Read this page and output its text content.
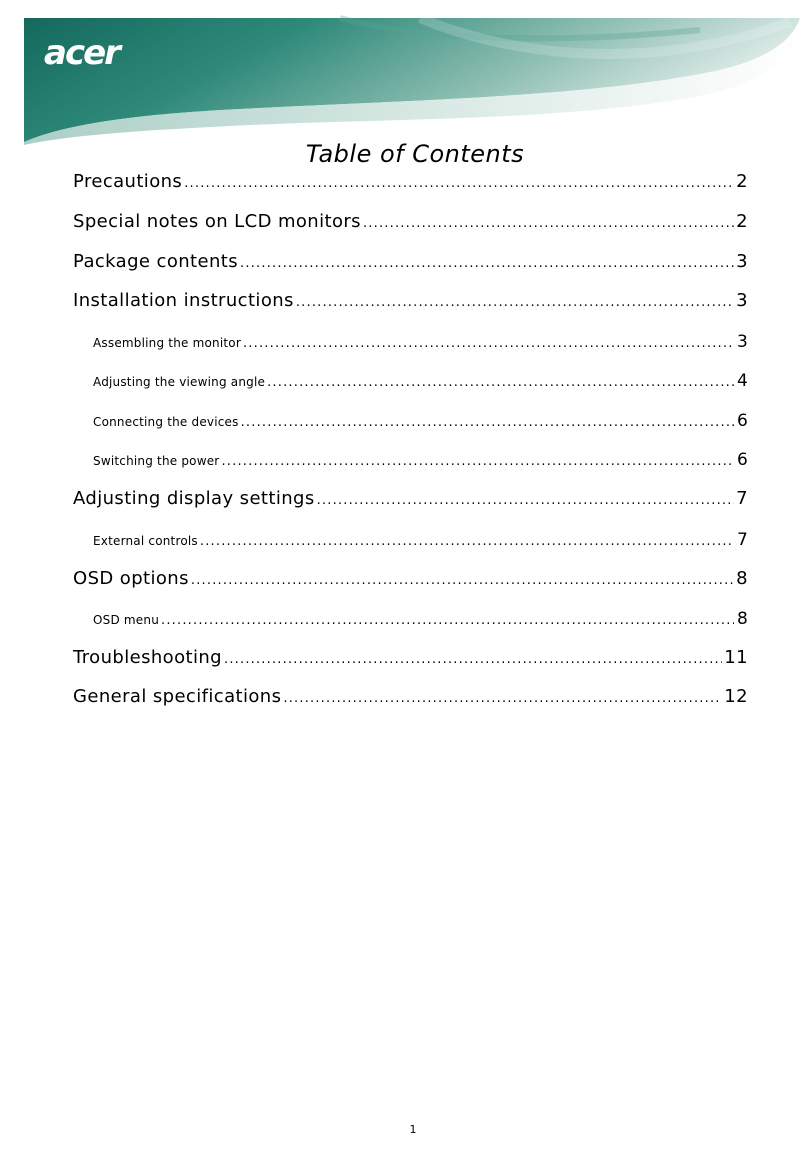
acer
Table of Contents
Precautions .....	2
Special notes on LCD monitors .....	2
Package contents .....	3
Installation instructions .....	3
Assembling the monitor .....	3
Adjusting the viewing angle .....	4
Connecting the devices .....	6
Switching the power .....	6
Adjusting display settings .....	7
External controls .....	7
OSD options .....	8
OSD menu .....	8
Troubleshooting .....	11
General specifications .....	12

1
